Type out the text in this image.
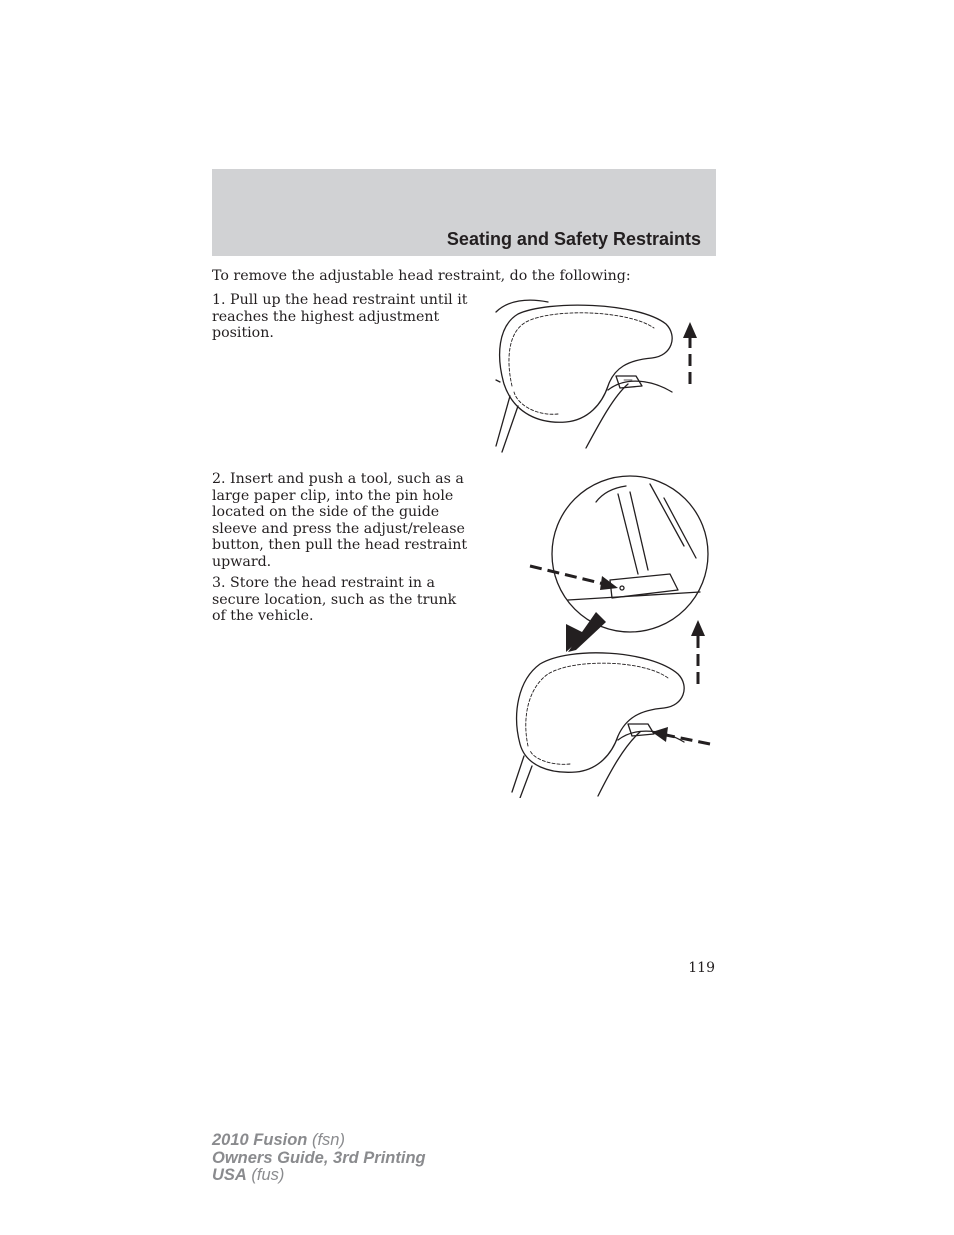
Seating and Safety Restraints

To remove the adjustable head restraint, do the following:

1. Pull up the head restraint until it reaches the highest adjustment position.

2. Insert and push a tool, such as a large paper clip, into the pin hole located on the side of the guide sleeve and press the adjust/release button, then pull the head restraint upward.

3. Store the head restraint in a secure location, such as the trunk of the vehicle.

119
2010 Fusion (fsn)
Owners Guide, 3rd Printing
USA (fus)
